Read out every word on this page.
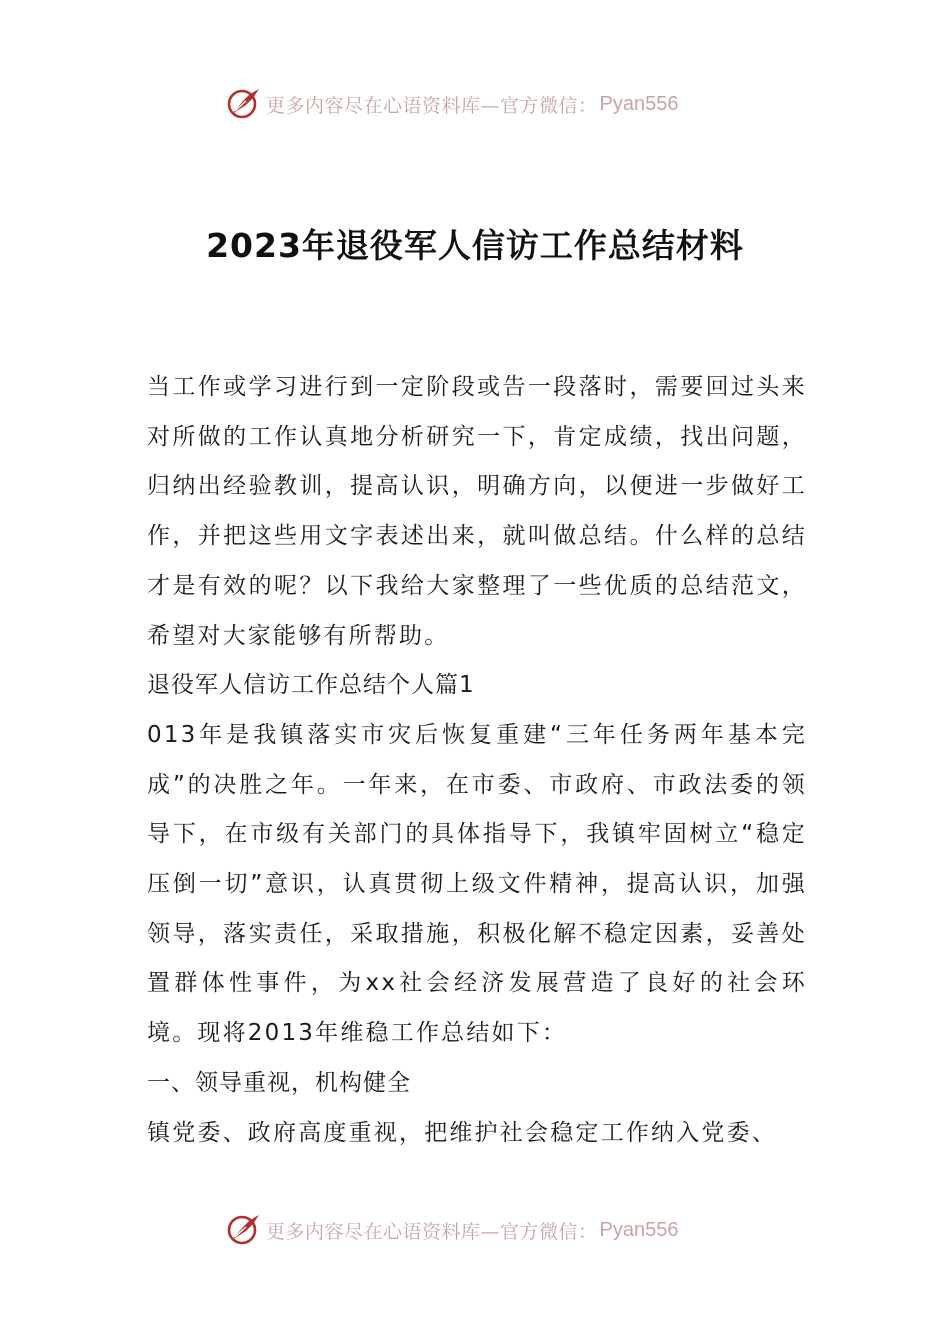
更多内容尽在心语资料库—官方微信： Pyan556
2023年退役军人信访工作总结材料

当工作或学习进行到一定阶段或告一段落时，需要回过头来对所做的工作认真地分析研究一下，肯定成绩，找出问题，归纳出经验教训，提高认识，明确方向，以便进一步做好工作，并把这些用文字表述出来，就叫做总结。什么样的总结才是有效的呢？以下我给大家整理了一些优质的总结范文，希望对大家能够有所帮助。

退役军人信访工作总结个人篇1

013年是我镇落实市灾后恢复重建“三年任务两年基本完成”的决胜之年。一年来，在市委、市政府、市政法委的领导下，在市级有关部门的具体指导下，我镇牢固树立“稳定压倒一切”意识，认真贯彻上级文件精神，提高认识，加强领导，落实责任，采取措施，积极化解不稳定因素，妥善处置群体性事件，为xx社会经济发展营造了良好的社会环境。现将2013年维稳工作总结如下：

一、领导重视，机构健全

镇党委、政府高度重视，把维护社会稳定工作纳入党委、

更多内容尽在心语资料库—官方微信： Pyan556
